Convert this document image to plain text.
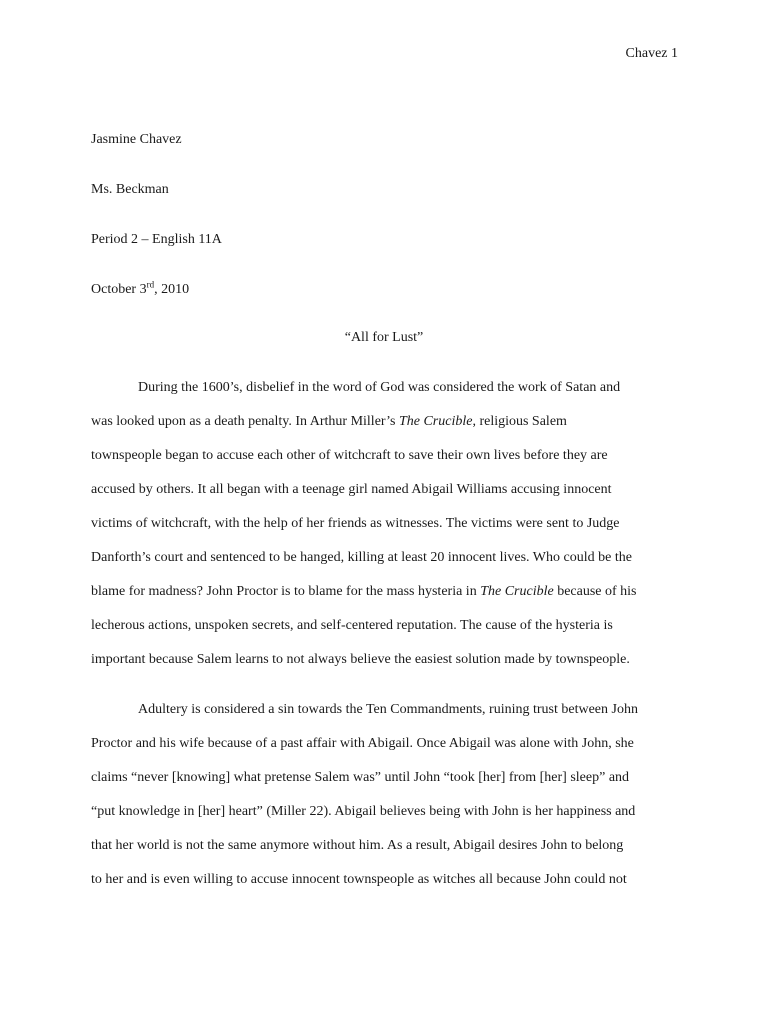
Chavez 1
Jasmine Chavez
Ms. Beckman
Period 2 – English 11A
October 3rd, 2010
“All for Lust”
During the 1600’s, disbelief in the word of God was considered the work of Satan and
was looked upon as a death penalty. In Arthur Miller’s The Crucible, religious Salem
townspeople began to accuse each other of witchcraft to save their own lives before they are
accused by others. It all began with a teenage girl named Abigail Williams accusing innocent
victims of witchcraft, with the help of her friends as witnesses. The victims were sent to Judge
Danforth’s court and sentenced to be hanged, killing at least 20 innocent lives. Who could be the
blame for madness? John Proctor is to blame for the mass hysteria in The Crucible because of his
lecherous actions, unspoken secrets, and self-centered reputation. The cause of the hysteria is
important because Salem learns to not always believe the easiest solution made by townspeople.
Adultery is considered a sin towards the Ten Commandments, ruining trust between John
Proctor and his wife because of a past affair with Abigail. Once Abigail was alone with John, she
claims “never [knowing] what pretense Salem was” until John “took [her] from [her] sleep” and
“put knowledge in [her] heart” (Miller 22). Abigail believes being with John is her happiness and
that her world is not the same anymore without him. As a result, Abigail desires John to belong
to her and is even willing to accuse innocent townspeople as witches all because John could not
